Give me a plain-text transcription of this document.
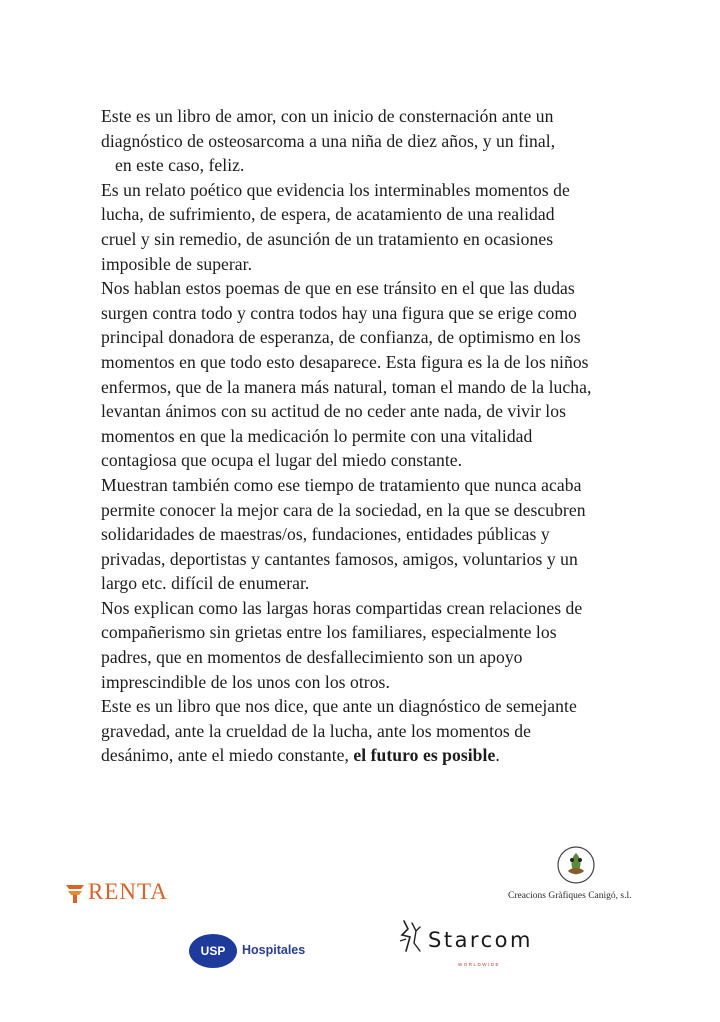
Este es un libro de amor, con un inicio de consternación ante un
diagnóstico de osteosarcoma a una niña de diez años, y un final,
en este caso, feliz.
Es un relato poético que evidencia los interminables momentos de
lucha, de sufrimiento, de espera, de acatamiento de una realidad
cruel y sin remedio, de asunción de un tratamiento en ocasiones
imposible de superar.
Nos hablan estos poemas de que en ese tránsito en el que las dudas
surgen contra todo y contra todos hay una figura que se erige como
principal donadora de esperanza, de confianza, de optimismo en los
momentos en que todo esto desaparece. Esta figura es la de los niños
enfermos, que de la manera más natural, toman el mando de la lucha,
levantan ánimos con su actitud de no ceder ante nada, de vivir los
momentos en que la medicación lo permite con una vitalidad
contagiosa que ocupa el lugar del miedo constante.
Muestran también como ese tiempo de tratamiento que nunca acaba
permite conocer la mejor cara de la sociedad, en la que se descubren
solidaridades de maestras/os, fundaciones, entidades públicas y
privadas, deportistas y cantantes famosos, amigos, voluntarios y un
largo etc. difícil de enumerar.
Nos explican como las largas horas compartidas crean relaciones de
compañerismo sin grietas entre los familiares, especialmente los
padres, que en momentos de desfallecimiento son un apoyo
imprescindible de los unos con los otros.
Este es un libro que nos dice, que ante un diagnóstico de semejante
gravedad, ante la crueldad de la lucha, ante los momentos de
desánimo, ante el miedo constante, el futuro es posible.
RENTA	Creacions Gràfiques Canigó, s.l.
USP	Hospitales	Starcom
WORLDWIDE
